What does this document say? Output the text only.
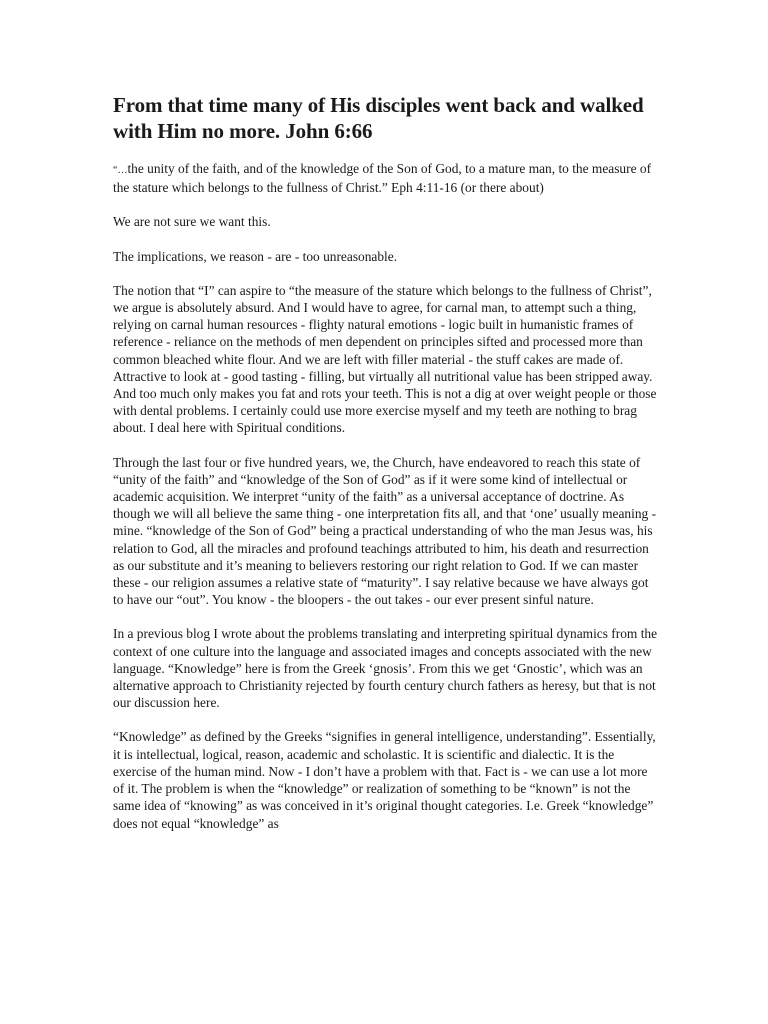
From that time many of His disciples went back and walked with Him no more. John 6:66

“…the unity of the faith, and of the knowledge of the Son of God, to a mature man, to the measure of the stature which belongs to the fullness of Christ.” Eph 4:11-16 (or there about)

We are not sure we want this.

The implications, we reason - are - too unreasonable.

The notion that “I” can aspire to “the measure of the stature which belongs to the fullness of Christ”, we argue is absolutely absurd. And I would have to agree, for carnal man, to attempt such a thing, relying on carnal human resources - flighty natural emotions - logic built in humanistic frames of reference - reliance on the methods of men dependent on principles sifted and processed more than common bleached white flour. And we are left with filler material - the stuff cakes are made of. Attractive to look at - good tasting - filling, but virtually all nutritional value has been stripped away. And too much only makes you fat and rots your teeth. This is not a dig at over weight people or those with dental problems. I certainly could use more exercise myself and my teeth are nothing to brag about. I deal here with Spiritual conditions.

Through the last four or five hundred years, we, the Church, have endeavored to reach this state of “unity of the faith” and “knowledge of the Son of God” as if it were some kind of intellectual or academic acquisition. We interpret “unity of the faith” as a universal acceptance of doctrine. As though we will all believe the same thing - one interpretation fits all, and that ‘one’ usually meaning - mine. “knowledge of the Son of God” being a practical understanding of who the man Jesus was, his relation to God, all the miracles and profound teachings attributed to him, his death and resurrection as our substitute and it’s meaning to believers restoring our right relation to God. If we can master these - our religion assumes a relative state of “maturity”. I say relative because we have always got to have our “out”. You know - the bloopers - the out takes - our ever present sinful nature.

In a previous blog I wrote about the problems translating and interpreting spiritual dynamics from the context of one culture into the language and associated images and concepts associated with the new language. “Knowledge” here is from the Greek ‘gnosis’. From this we get ‘Gnostic’, which was an alternative approach to Christianity rejected by fourth century church fathers as heresy, but that is not our discussion here.

“Knowledge” as defined by the Greeks “signifies in general intelligence, understanding”. Essentially, it is intellectual, logical, reason, academic and scholastic. It is scientific and dialectic. It is the exercise of the human mind. Now - I don’t have a problem with that. Fact is - we can use a lot more of it. The problem is when the “knowledge” or realization of something to be “known” is not the same idea of “knowing” as was conceived in it’s original thought categories. I.e. Greek “knowledge” does not equal “knowledge” as
